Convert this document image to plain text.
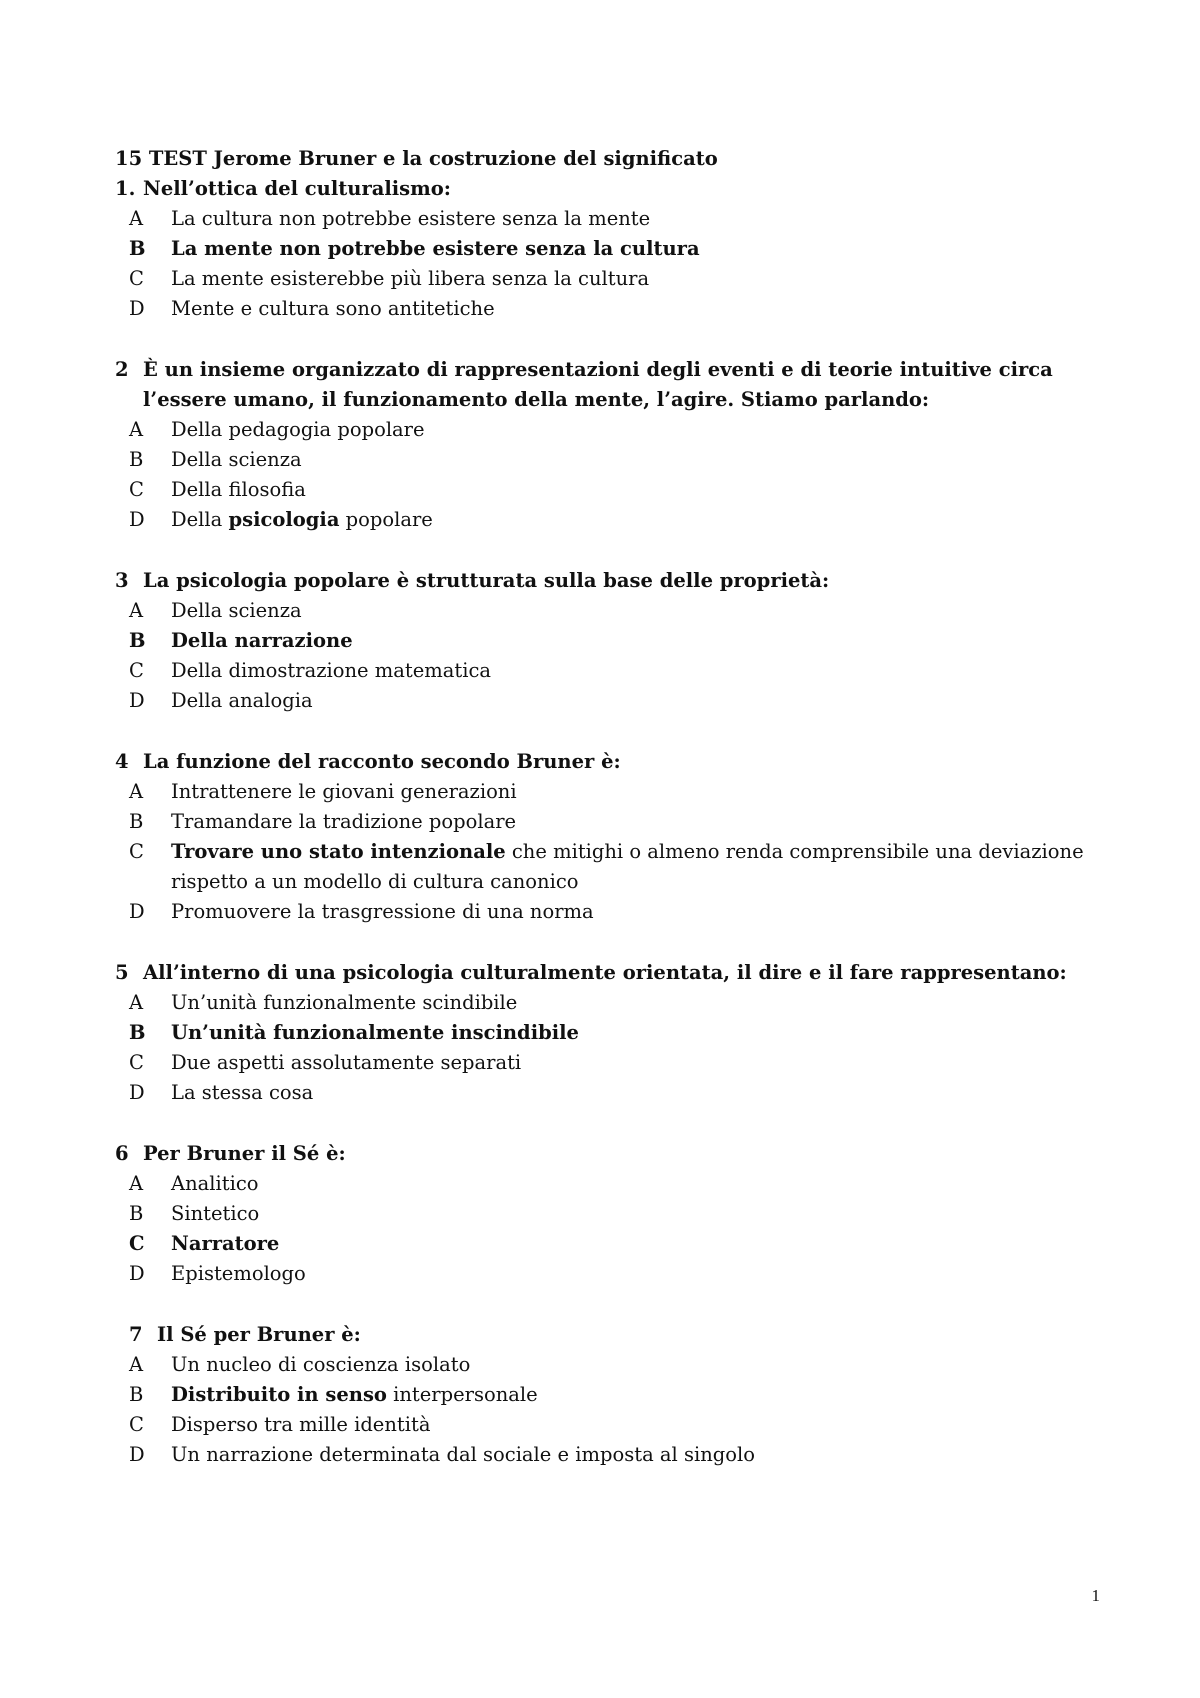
15 TEST Jerome Bruner e la costruzione del significato
1. Nell’ottica del culturalismo:
A	La cultura non potrebbe esistere senza la mente
B	La mente non potrebbe esistere senza la cultura
C	La mente esisterebbe più libera senza la cultura
D	Mente e cultura sono antitetiche
2 È un insieme organizzato di rappresentazioni degli eventi e di teorie intuitive circa l’essere umano, il funzionamento della mente, l’agire. Stiamo parlando:
A	Della pedagogia popolare
B	Della scienza
C	Della filosofia
D	Della psicologia popolare
3 La psicologia popolare è strutturata sulla base delle proprietà:
A	Della scienza
B	Della narrazione
C	Della dimostrazione matematica
D	Della analogia
4 La funzione del racconto secondo Bruner è:
A	Intrattenere le giovani generazioni
B	Tramandare la tradizione popolare
C	Trovare uno stato intenzionale che mitighi o almeno renda comprensibile una deviazione rispetto a un modello di cultura canonico
D	Promuovere la trasgressione di una norma
5 All’interno di una psicologia culturalmente orientata, il dire e il fare rappresentano:
A	Un’unità funzionalmente scindibile
B	Un’unità funzionalmente inscindibile
C	Due aspetti assolutamente separati
D	La stessa cosa
6 Per Bruner il Sé è:
A	Analitico
B	Sintetico
C	Narratore
D	Epistemologo
7 Il Sé per Bruner è:
A	Un nucleo di coscienza isolato
B	Distribuito in senso interpersonale
C	Disperso tra mille identità
D	Un narrazione determinata dal sociale e imposta al singolo
1
